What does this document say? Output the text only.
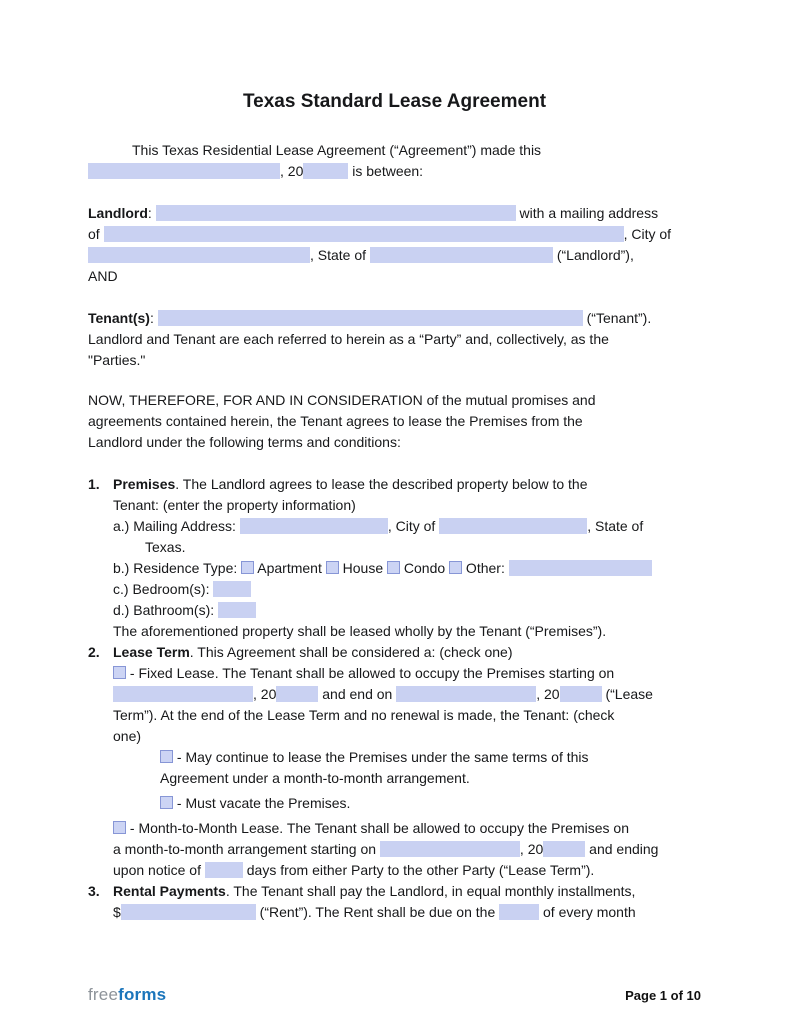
Texas Standard Lease Agreement

This Texas Residential Lease Agreement (“Agreement”) made this
, 20	is between:

Landlord:	with a mailing address
of	, City of
, State of	(“Landlord”),
AND

Tenant(s):	(“Tenant”).
Landlord and Tenant are each referred to herein as a “Party” and, collectively, as the
"Parties."

NOW, THEREFORE, FOR AND IN CONSIDERATION of the mutual promises and
agreements contained herein, the Tenant agrees to lease the Premises from the
Landlord under the following terms and conditions:

1. Premises. The Landlord agrees to lease the described property below to the
Tenant: (enter the property information)

a.) Mailing Address:	, City of	, State of
Texas.

b.) Residence Type:  Apartment  House  Condo  Other:

c.) Bedroom(s):

d.) Bathroom(s):

The aforementioned property shall be leased wholly by the Tenant (“Premises”).

2. Lease Term. This Agreement shall be considered a: (check one)

- Fixed Lease. The Tenant shall be allowed to occupy the Premises starting on
, 20	and end on	, 20	(“Lease
Term”). At the end of the Lease Term and no renewal is made, the Tenant: (check
one)

- May continue to lease the Premises under the same terms of this
Agreement under a month-to-month arrangement.

- Must vacate the Premises.

- Month-to-Month Lease. The Tenant shall be allowed to occupy the Premises on
a month-to-month arrangement starting on	, 20	and ending
upon notice of	days from either Party to the other Party (“Lease Term”).

3. Rental Payments. The Tenant shall pay the Landlord, in equal monthly installments,
$	(“Rent”). The Rent shall be due on the	of every month

freeforms	Page 1 of 10
